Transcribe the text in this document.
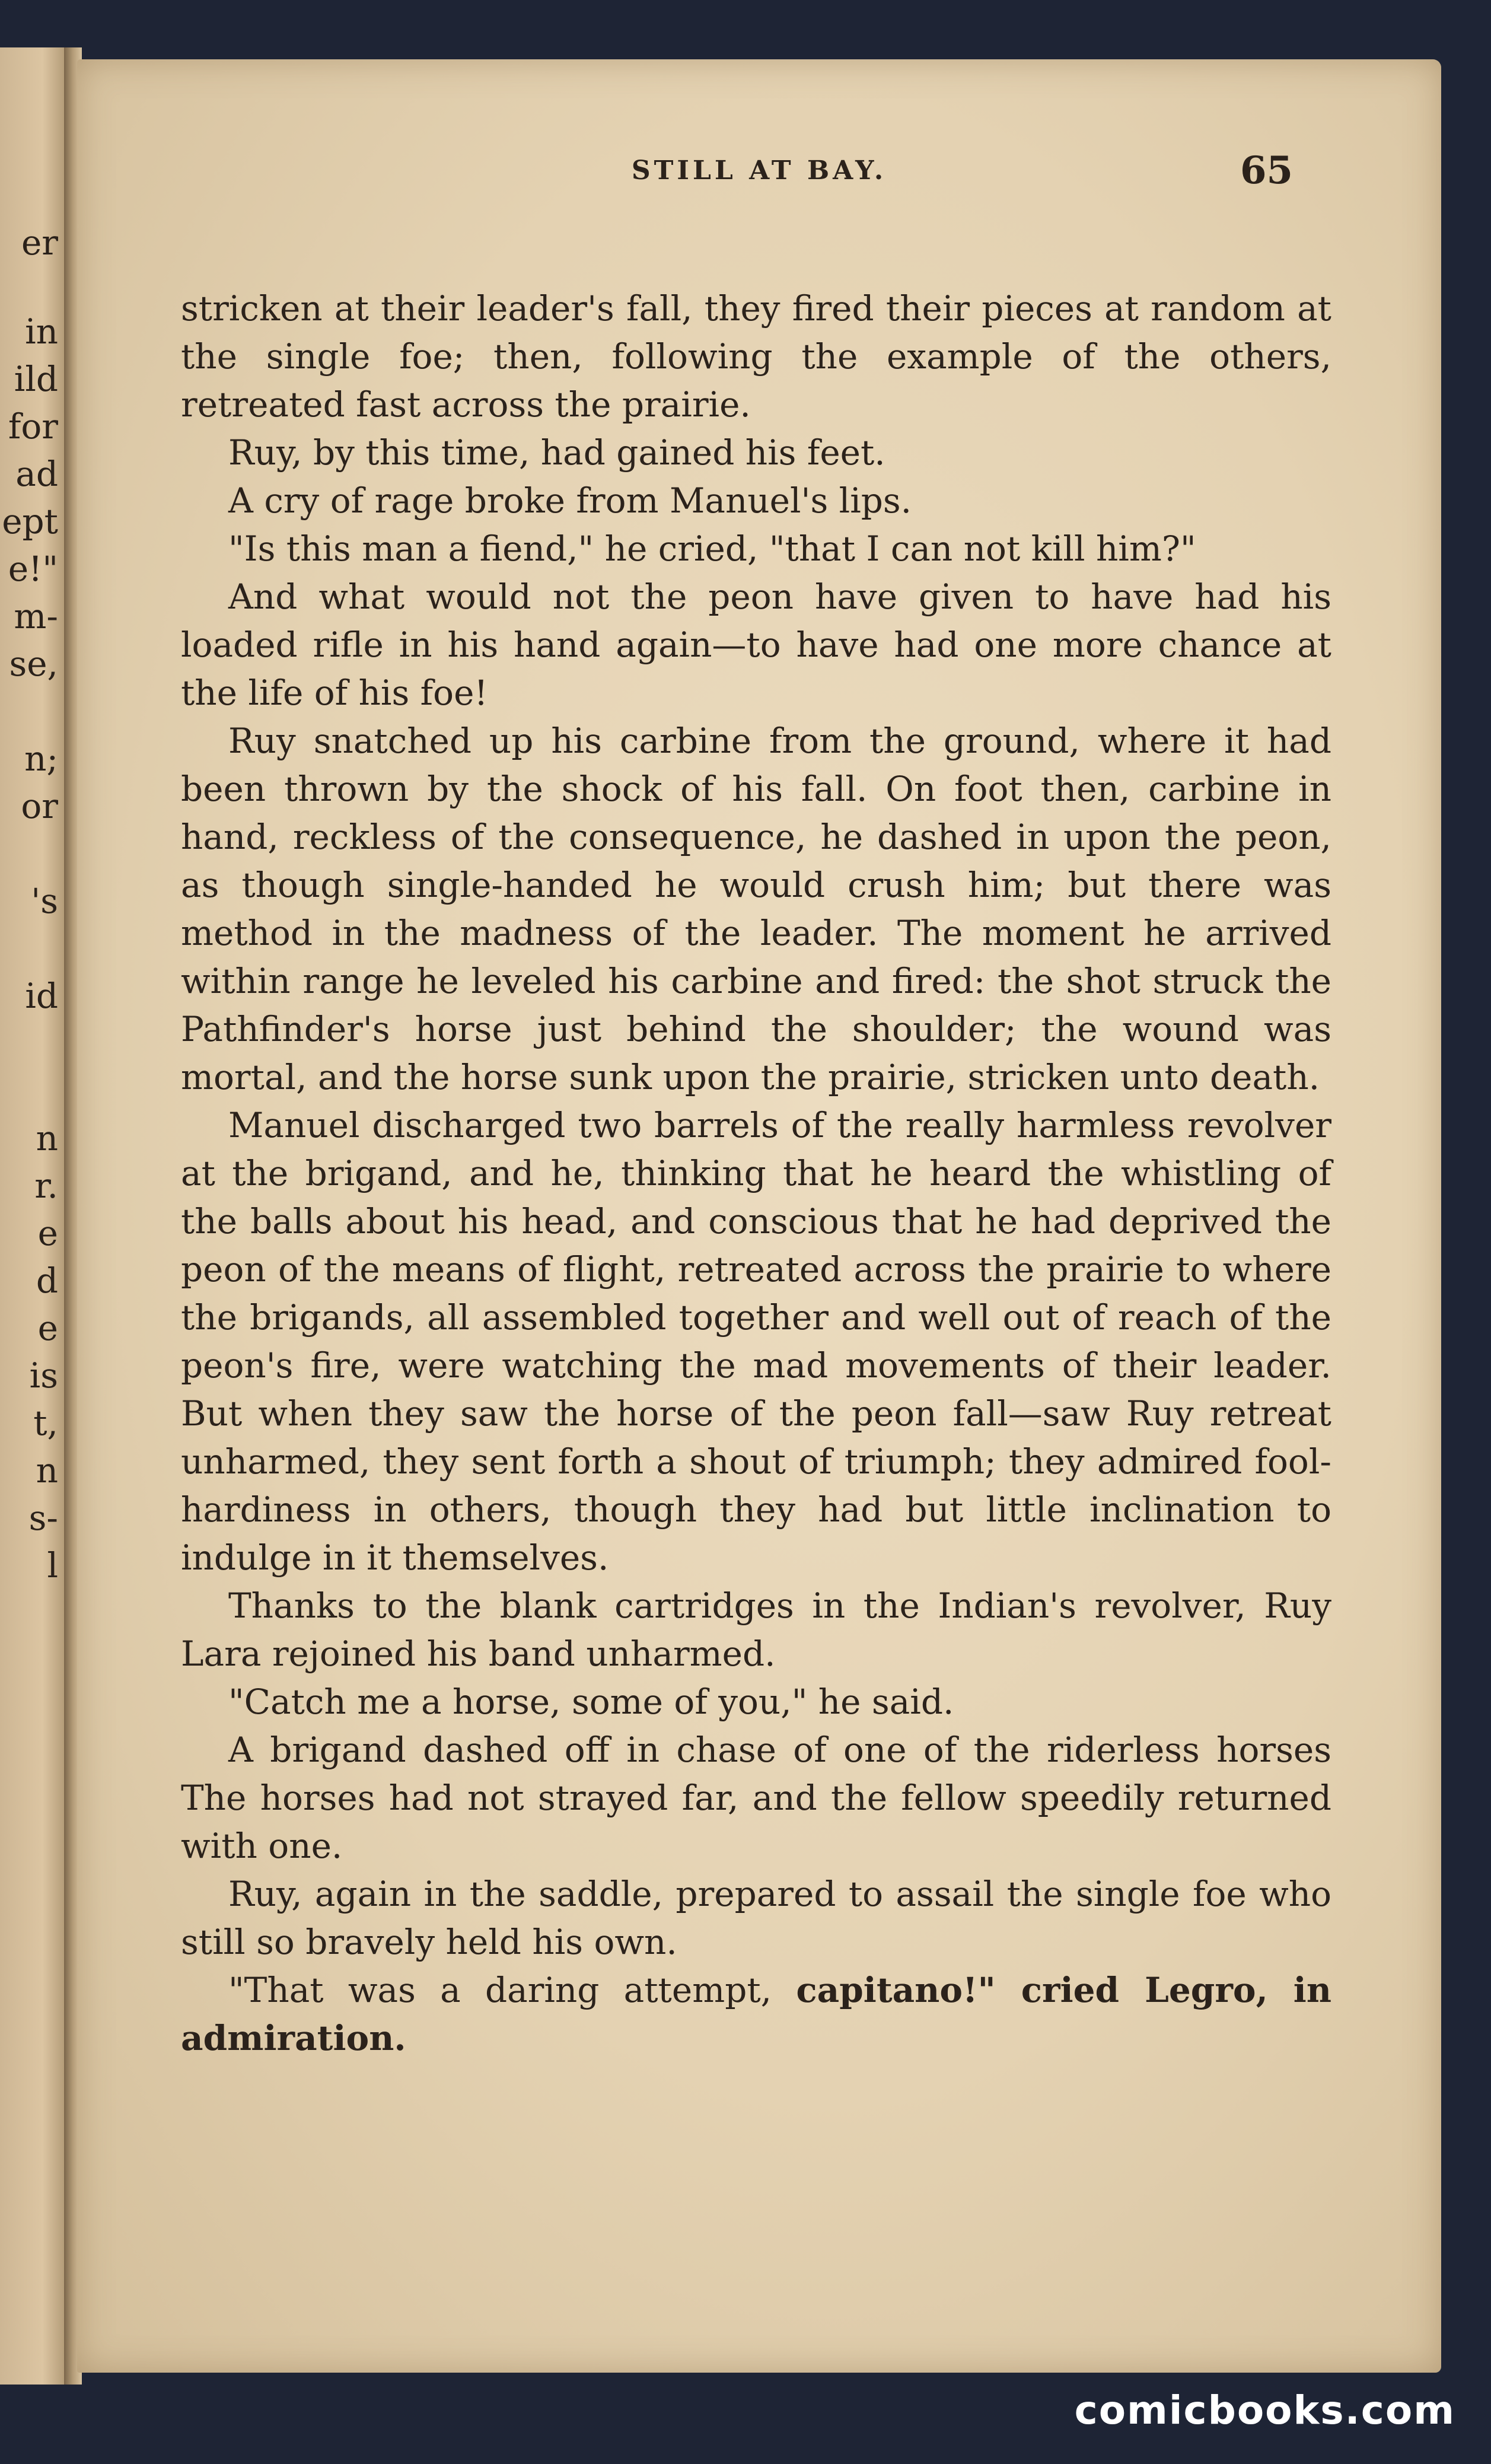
er
in
ild
for
ad
ept
e!"
m-
se,
n;
or
's
id
n
r.
e
d
e
is
t,
n
s-
l
STILL AT BAY.	65

stricken at their leader's fall, they fired their pieces at random at the single foe; then, following the example of the others, retreated fast across the prairie.

Ruy, by this time, had gained his feet.

A cry of rage broke from Manuel's lips.

"Is this man a fiend," he cried, "that I can not kill him?"

And what would not the peon have given to have had his loaded rifle in his hand again—to have had one more chance at the life of his foe!

Ruy snatched up his carbine from the ground, where it had been thrown by the shock of his fall. On foot then, carbine in hand, reckless of the consequence, he dashed in upon the peon, as though single-handed he would crush him; but there was method in the madness of the leader. The moment he arrived within range he leveled his carbine and fired: the shot struck the Pathfinder's horse just behind the shoulder; the wound was mortal, and the horse sunk upon the prairie, stricken unto death.

Manuel discharged two barrels of the really harmless revolver at the brigand, and he, thinking that he heard the whistling of the balls about his head, and conscious that he had deprived the peon of the means of flight, retreated across the prairie to where the brigands, all assembled together and well out of reach of the peon's fire, were watching the mad movements of their leader. But when they saw the horse of the peon fall—saw Ruy retreat unharmed, they sent forth a shout of triumph; they admired fool-hardiness in others, though they had but little inclination to indulge in it themselves.

Thanks to the blank cartridges in the Indian's revolver, Ruy Lara rejoined his band unharmed.

"Catch me a horse, some of you," he said.

A brigand dashed off in chase of one of the riderless horses The horses had not strayed far, and the fellow speedily returned with one.

Ruy, again in the saddle, prepared to assail the single foe who still so bravely held his own.

"That was a daring attempt, capitano!" cried Legro, in admiration.

comicbooks.com
